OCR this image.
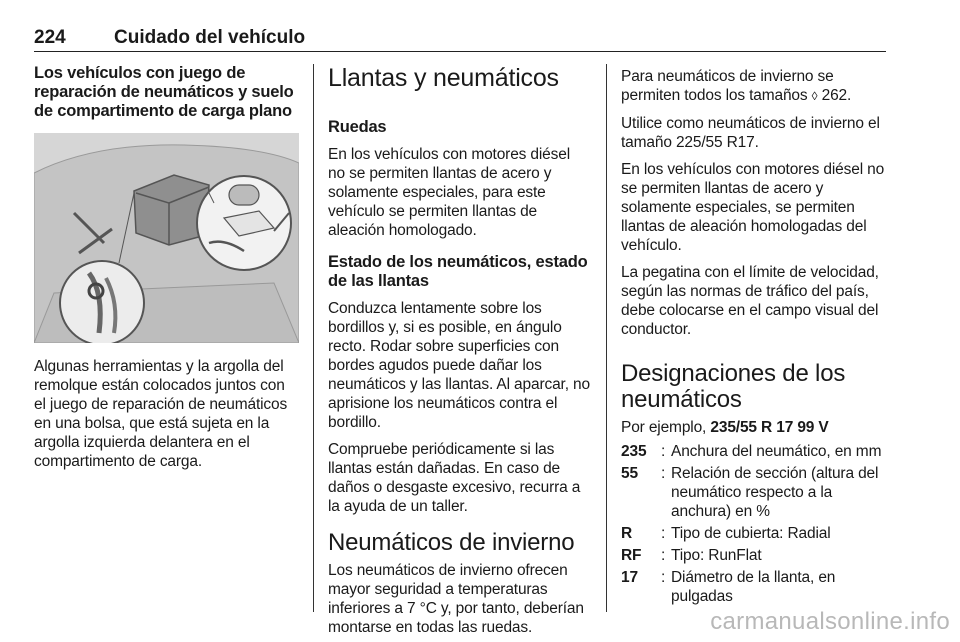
224	Cuidado del vehículo
Los vehículos con juego de reparación de neumáticos y suelo de compartimento de carga plano
Algunas herramientas y la argolla del remolque están colocados juntos con el juego de reparación de neumáticos en una bolsa, que está sujeta en la argolla izquierda delantera en el compartimento de carga.
Llantas y neumáticos
Ruedas
En los vehículos con motores diésel no se permiten llantas de acero y solamente especiales, para este vehículo se permiten llantas de aleación homologado.
Estado de los neumáticos, estado de las llantas
Conduzca lentamente sobre los bordillos y, si es posible, en ángulo recto. Rodar sobre superficies con bordes agudos puede dañar los neumáticos y las llantas. Al aparcar, no aprisione los neumáticos contra el bordillo.
Compruebe periódicamente si las llantas están dañadas. En caso de daños o desgaste excesivo, recurra a la ayuda de un taller.
Neumáticos de invierno
Los neumáticos de invierno ofrecen mayor seguridad a temperaturas inferiores a 7 °C y, por tanto, deberían montarse en todas las ruedas.
Para neumáticos de invierno se permiten todos los tamaños ◊ 262.
Utilice como neumáticos de invierno el tamaño 225/55 R17.
En los vehículos con motores diésel no se permiten llantas de acero y solamente especiales, se permiten llantas de aleación homologadas del vehículo.
La pegatina con el límite de velocidad, según las normas de tráfico del país, debe colocarse en el campo visual del conductor.
Designaciones de los neumáticos
Por ejemplo, 235/55 R 17 99 V
235 : Anchura del neumático, en mm
55	: Relación de sección (altura del neumático respecto a la anchura) en %
R	: Tipo de cubierta: Radial
RF	: Tipo: RunFlat
17	: Diámetro de la llanta, en pulgadas
carmanualsonline.info
